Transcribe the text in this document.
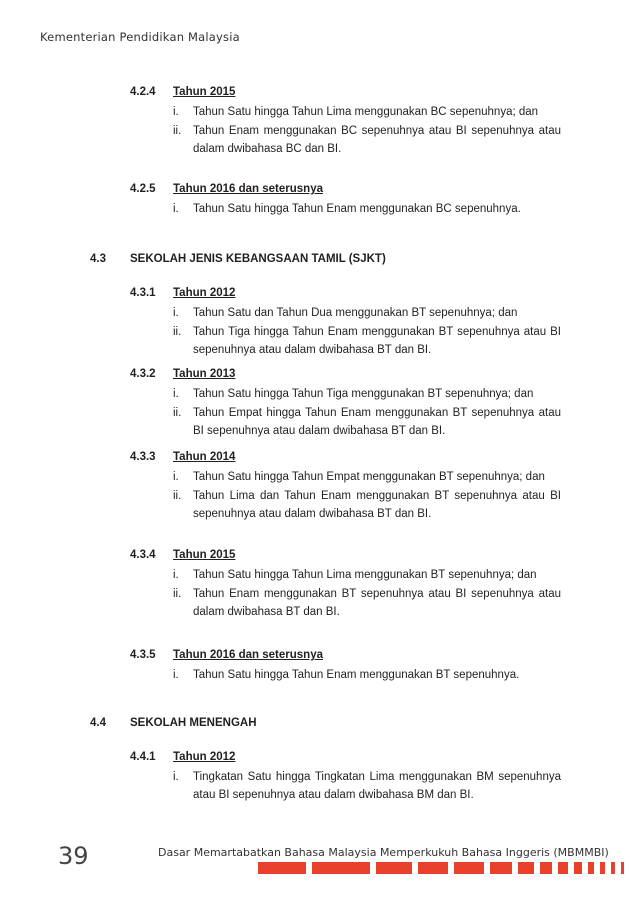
Kementerian Pendidikan Malaysia
4.2.4 Tahun 2015
i. Tahun Satu hingga Tahun Lima menggunakan BC sepenuhnya; dan
ii. Tahun Enam menggunakan BC sepenuhnya atau BI sepenuhnya atau dalam dwibahasa BC dan BI.
4.2.5 Tahun 2016 dan seterusnya
i. Tahun Satu hingga Tahun Enam menggunakan BC sepenuhnya.
4.3 SEKOLAH JENIS KEBANGSAAN TAMIL (SJKT)
4.3.1 Tahun 2012
i. Tahun Satu dan Tahun Dua menggunakan BT sepenuhnya; dan
ii. Tahun Tiga hingga Tahun Enam menggunakan BT sepenuhnya atau BI sepenuhnya atau dalam dwibahasa BT dan BI.
4.3.2 Tahun 2013
i. Tahun Satu hingga Tahun Tiga menggunakan BT sepenuhnya; dan
ii. Tahun Empat hingga Tahun Enam menggunakan BT sepenuhnya atau BI sepenuhnya atau dalam dwibahasa BT dan BI.
4.3.3 Tahun 2014
i. Tahun Satu hingga Tahun Empat menggunakan BT sepenuhnya; dan
ii. Tahun Lima dan Tahun Enam menggunakan BT sepenuhnya atau BI sepenuhnya atau dalam dwibahasa BT dan BI.
4.3.4 Tahun 2015
i. Tahun Satu hingga Tahun Lima menggunakan BT sepenuhnya; dan
ii. Tahun Enam menggunakan BT sepenuhnya atau BI sepenuhnya atau dalam dwibahasa BT dan BI.
4.3.5 Tahun 2016 dan seterusnya
i. Tahun Satu hingga Tahun Enam menggunakan BT sepenuhnya.
4.4 SEKOLAH MENENGAH
4.4.1 Tahun 2012
i. Tingkatan Satu hingga Tingkatan Lima menggunakan BM sepenuhnya atau BI sepenuhnya atau dalam dwibahasa BM dan BI.
39	Dasar Memartabatkan Bahasa Malaysia Memperkukuh Bahasa Inggeris (MBMMBI)
